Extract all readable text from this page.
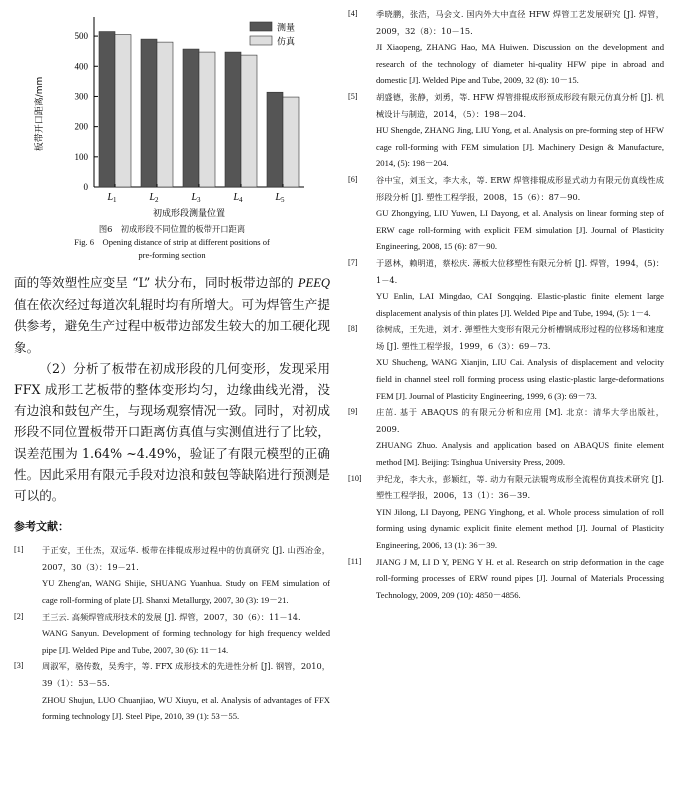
0
100
200
300
400
500
$L_1$	$L_2$	$L_3$	$L_4$	$L_5$
初成形段测量位置
板带开口距离/mm
测量
仿真
图6　初成形段不同位置的板带开口距离
Fig. 6　Opening distance of strip at different positions of
pre-forming section

面的等效塑性应变呈 “L” 状分布，同时板带边部的 PEEQ 值在依次经过每道次轧辊时均有所增大。可为焊管生产提供参考，避免生产过程中板带边部发生较大的加工硬化现象。

（2）分析了板带在初成形段的几何变形，发现采用 FFX 成形工艺板带的整体变形均匀，边缘曲线光滑，没有边浪和鼓包产生，与现场观察情况一致。同时，对初成形段不同位置板带开口距离仿真值与实测值进行了比较，误差范围为 1.64% ~4.49%，验证了有限元模型的正确性。因此采用有限元手段对边浪和鼓包等缺陷进行预测是可以的。

参考文献：
[1]	于正安，王仕杰，双远华. 板带在排辊成形过程中的仿真研究 [J]. 山西冶金，2007，30（3）：19－21.
YU Zheng'an, WANG Shijie, SHUANG Yuanhua. Study on FEM simulation of cage roll-forming of plate [J]. Shanxi Metallurgy, 2007, 30 (3): 19－21.
[2]	王三云. 高频焊管成形技术的发展 [J]. 焊管，2007，30（6）：11－14.
WANG Sanyun. Development of forming technology for high frequency welded pipe [J]. Welded Pipe and Tube, 2007, 30 (6): 11－14.
[3]	周淑军，骆传数，吴秀宇，等. FFX 成形技术的先进性分析 [J]. 钢管，2010，39（1）：53－55.
ZHOU Shujun, LUO Chuanjiao, WU Xiuyu, et al. Analysis of advantages of FFX forming technology [J]. Steel Pipe, 2010, 39 (1): 53－55.
[4]	季晓鹏，张浩，马会文. 国内外大中直径 HFW 焊管工艺发展研究 [J]. 焊管，2009，32（8）：10－15.
JI Xiaopeng, ZHANG Hao, MA Huiwen. Discussion on the development and research of the technology of diameter hi-quality HFW pipe in abroad and domestic [J]. Welded Pipe and Tube, 2009, 32 (8): 10－15.
[5]	胡盛德，张静，刘勇，等. HFW 焊管排辊成形预成形段有限元仿真分析 [J]. 机械设计与制造，2014，（5）：198－204.
HU Shengde, ZHANG Jing, LIU Yong, et al. Analysis on pre-forming step of HFW cage roll-forming with FEM simulation [J]. Machinery Design & Manufacture, 2014, (5): 198－204.
[6]	谷中宝，刘玉文，李大永，等. ERW 焊管排辊成形显式动力有限元仿真线性成形段分析 [J]. 塑性工程学报，2008，15（6）：87－90.
GU Zhongying, LIU Yuwen, LI Dayong, et al. Analysis on linear forming step of ERW cage roll-forming with explicit FEM simulation [J]. Journal of Plasticity Engineering, 2008, 15 (6): 87－90.
[7]	于恩林，赖明道，蔡松庆. 薄板大位移塑性有限元分析 [J]. 焊管，1994，(5)：1－4.
YU Enlin, LAI Mingdao, CAI Songqing. Elastic-plastic finite element large displacement analysis of thin plates [J]. Welded Pipe and Tube, 1994, (5): 1－4.
[8]	徐树成，王先进，刘才. 弹塑性大变形有限元分析槽钢成形过程的位移场和速度场 [J]. 塑性工程学报，1999，6（3）：69－73.
XU Shucheng, WANG Xianjin, LIU Cai. Analysis of displacement and velocity field in channel steel roll forming process using elastic-plastic large-deformations FEM [J]. Journal of Plasticity Engineering, 1999, 6 (3): 69－73.
[9]	庄茁. 基于 ABAQUS 的有限元分析和应用 [M]. 北京：清华大学出版社，2009.
ZHUANG Zhuo. Analysis and application based on ABAQUS finite element method [M]. Beijing: Tsinghua University Press, 2009.
[10]	尹纪龙，李大永，彭颖红，等. 动力有限元法辊弯成形全流程仿真技术研究 [J]. 塑性工程学报，2006，13（1）：36－39.
YIN Jilong, LI Dayong, PENG Yinghong, et al. Whole process simulation of roll forming using dynamic explicit finite element method [J]. Journal of Plasticity Engineering, 2006, 13 (1): 36－39.
[11]	JIANG J M, LI D Y, PENG Y H. et al. Research on strip deformation in the cage roll-forming processes of ERW round pipes [J]. Journal of Materials Processing Technology, 2009, 209 (10): 4850－4856.
